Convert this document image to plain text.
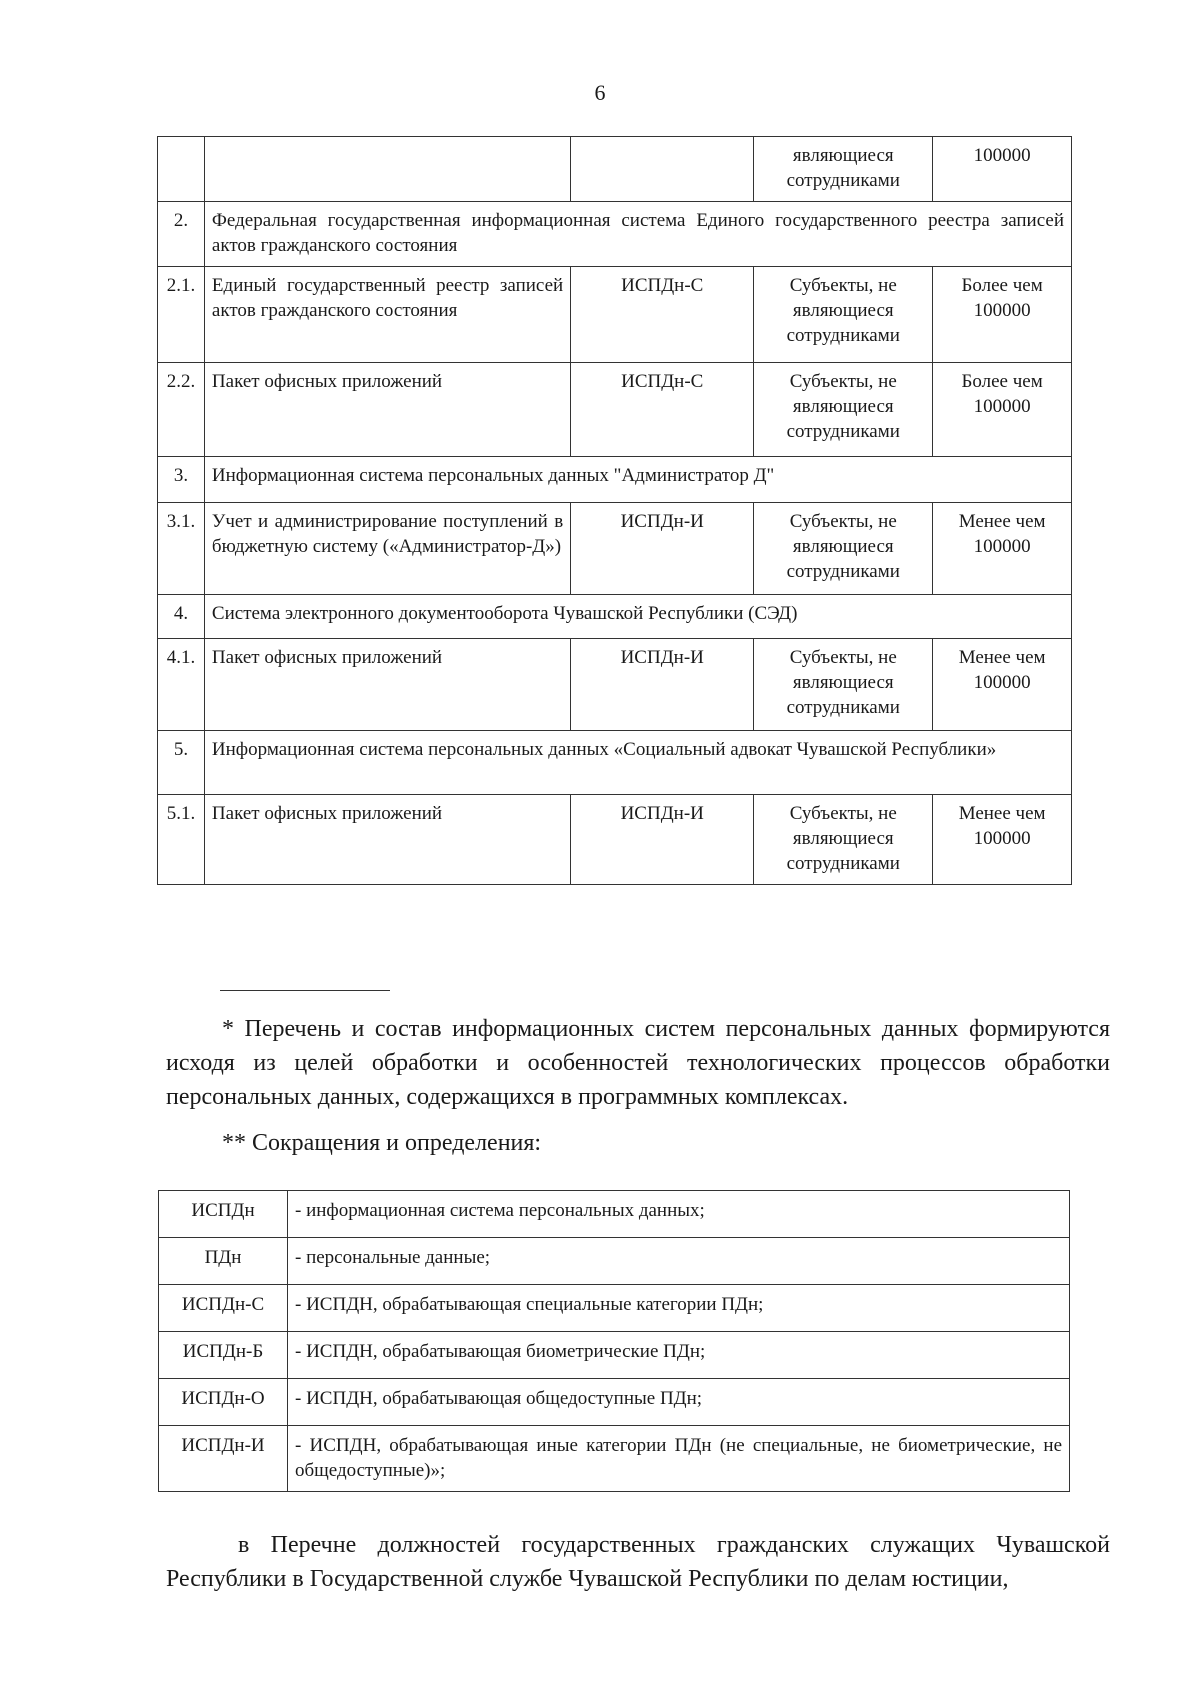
6
			являющиеся сотрудниками	100000
2.	Федеральная государственная информационная система Единого государственного реестра записей актов гражданского состояния			
2.1.	Единый государственный реестр записей актов гражданского состояния	ИСПДн-С	Субъекты, не являющиеся сотрудниками	Более чем 100000
2.2.	Пакет офисных приложений	ИСПДн-С	Субъекты, не являющиеся сотрудниками	Более чем 100000
3.	Информационная система персональных данных "Администратор Д"			
3.1.	Учет и администрирование поступлений в бюджетную систему («Администратор-Д»)	ИСПДн-И	Субъекты, не являющиеся сотрудниками	Менее чем 100000
4.	Система электронного документооборота Чувашской Республики (СЭД)			
4.1.	Пакет офисных приложений	ИСПДн-И	Субъекты, не являющиеся сотрудниками	Менее чем 100000
5.	Информационная система персональных данных «Социальный адвокат Чувашской Республики»			
5.1.	Пакет офисных приложений	ИСПДн-И	Субъекты, не являющиеся сотрудниками	Менее чем 100000
* Перечень и состав информационных систем персональных данных формируются исходя из целей обработки и особенностей технологических процессов обработки персональных данных, содержащихся в программных комплексах.
** Сокращения и определения:
ИСПДн	- информационная система персональных данных;
ПДн	- персональные данные;
ИСПДн-С	- ИСПДН, обрабатывающая специальные категории ПДн;
ИСПДн-Б	- ИСПДН, обрабатывающая биометрические ПДн;
ИСПДн-О	- ИСПДН, обрабатывающая общедоступные ПДн;
ИСПДн-И	- ИСПДН, обрабатывающая иные категории ПДн (не специальные, не биометрические, не общедоступные)»;
в Перечне должностей государственных гражданских служащих Чувашской Республики в Государственной службе Чувашской Республики по делам юстиции,
